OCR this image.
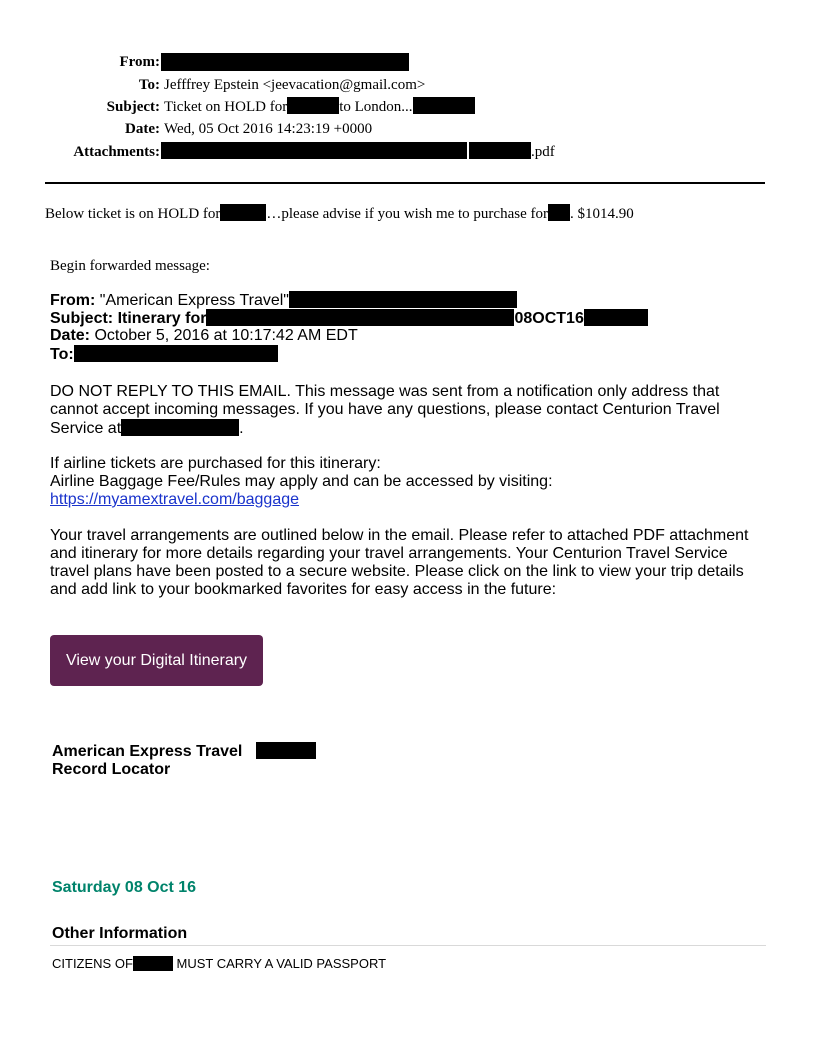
From:
To: Jefffrey Epstein <jeevacation@gmail.com>
Subject: Ticket on HOLD for	to London...
Date: Wed, 05 Oct 2016 14:23:19 +0000
Attachments:	.pdf
Below ticket is on HOLD for	…please advise if you wish me to purchase for . $1014.90
Begin forwarded message:
From: "American Express Travel"
Subject: Itinerary for	08OCT16
Date: October 5, 2016 at 10:17:42 AM EDT
To:
DO NOT REPLY TO THIS EMAIL. This message was sent from a notification only address that cannot accept incoming messages. If you have any questions, please contact Centurion Travel Service at	.
If airline tickets are purchased for this itinerary:
Airline Baggage Fee/Rules may apply and can be accessed by visiting:
https://myamextravel.com/baggage
Your travel arrangements are outlined below in the email. Please refer to attached PDF attachment and itinerary for more details regarding your travel arrangements. Your Centurion Travel Service travel plans have been posted to a secure website. Please click on the link to view your trip details and add link to your bookmarked favorites for easy access in the future:
View your Digital Itinerary
American Express Travel
Record Locator
Saturday 08 Oct 16
Other Information
CITIZENS OF	MUST CARRY A VALID PASSPORT
